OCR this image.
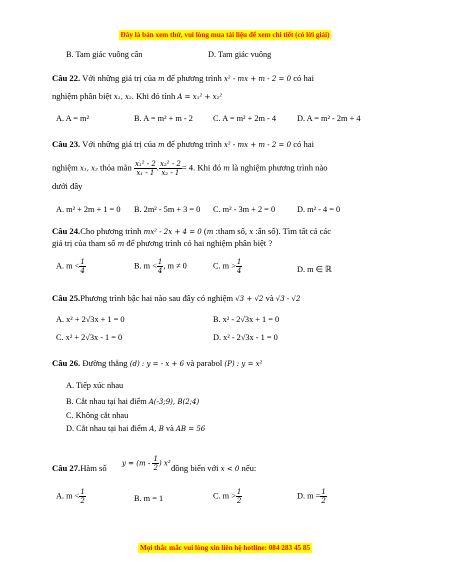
Đây là bản xem thử, vui lòng mua tài liệu để xem chi tiết (có lời giải)
B. Tam giác vuông cân	D. Tam giác vuông
Câu 22. Với những giá trị của m để phương trình x² - mx + m - 2 = 0 có hai
nghiệm phân biệt x₁, x₂. Khi đó tính A = x₁² + x₂²
A. A = m²	B. A = m² + m - 2 C. A = m² + 2m - 4	D. A = m² - 2m + 4
Câu 23. Với những giá trị của m để phương trình x² - mx + m - 2 = 0 có hai
nghiệm x₁, x₂ thỏa mãn $\frac{\text{x₁² - 2}}{\text{x₁ - 1}}$ . $\frac{\text{x₂² - 2}}{\text{x₂ - 1}} = 4$. Khi đó m là nghiệm phương trình nào
dưới đây
A. m² + 2m + 1 = 0 B. 2m² - 5m + 3 = 0 C. m² - 3m + 2 = 0	D. m² - 4 = 0
Câu 24.Cho phương trình mx² - 2x + 4 = 0 (m :tham số, x :ẩn số). Tìm tất cả các
giá trị của tham số m để phương trình có hai nghiệm phân biệt ?
A. $m < \frac{1}{4}$	B. $m < \frac{1}{4}$ , m ≠ 0	C. $m > \frac{1}{4}$	D. m ∈ ℝ
Câu 25.Phương trình bậc hai nào sau đây có nghiệm √3 + √2 và √3 - √2
A. x² + 2√3x + 1 = 0	B. x² - 2√3x + 1 = 0
C. x² + 2√3x - 1 = 0	D. x² - 2√3x - 1 = 0
Câu 26. Đường thẳng (d) : y = - x + 6 và parabol (P) : y = x²
A. Tiếp xúc nhau
B. Cắt nhau tại hai điểm A(-3;9), B(2;4)
C. Không cắt nhau
D. Cắt nhau tại hai điểm A, B và AB = 56
$y = (m - \frac{1}{2}$ ) x²
Câu 27.Hàm số	đồng biến với x < 0 nếu:
A. $m < \frac{1}{2}$	B. m = 1	C. $m > \frac{1}{2}$	D. $m = \frac{1}{2}$
Mọi thắc mắc vui lòng xin liên hệ hotline: 084 283 45 85
